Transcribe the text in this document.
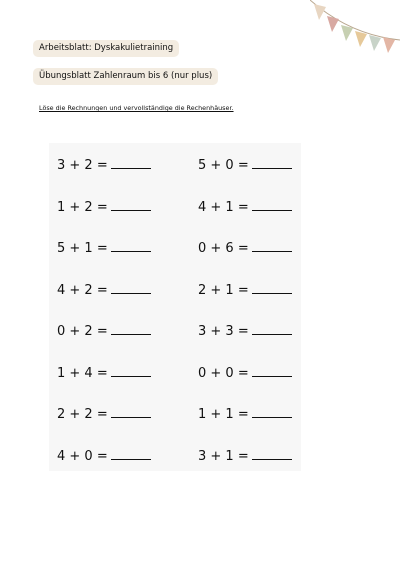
Arbeitsblatt: Dyskakulietraining
Übungsblatt Zahlenraum bis 6 (nur plus)
Löse die Rechnungen und vervollständige die Rechenhäuser.
3 + 2 =
1 + 2 =
5 + 1 =
4 + 2 =
0 + 2 =
1 + 4 =
2 + 2 =
4 + 0 =
5 + 0 =
4 + 1 =
0 + 6 =
2 + 1 =
3 + 3 =
0 + 0 =
1 + 1 =
3 + 1 =
